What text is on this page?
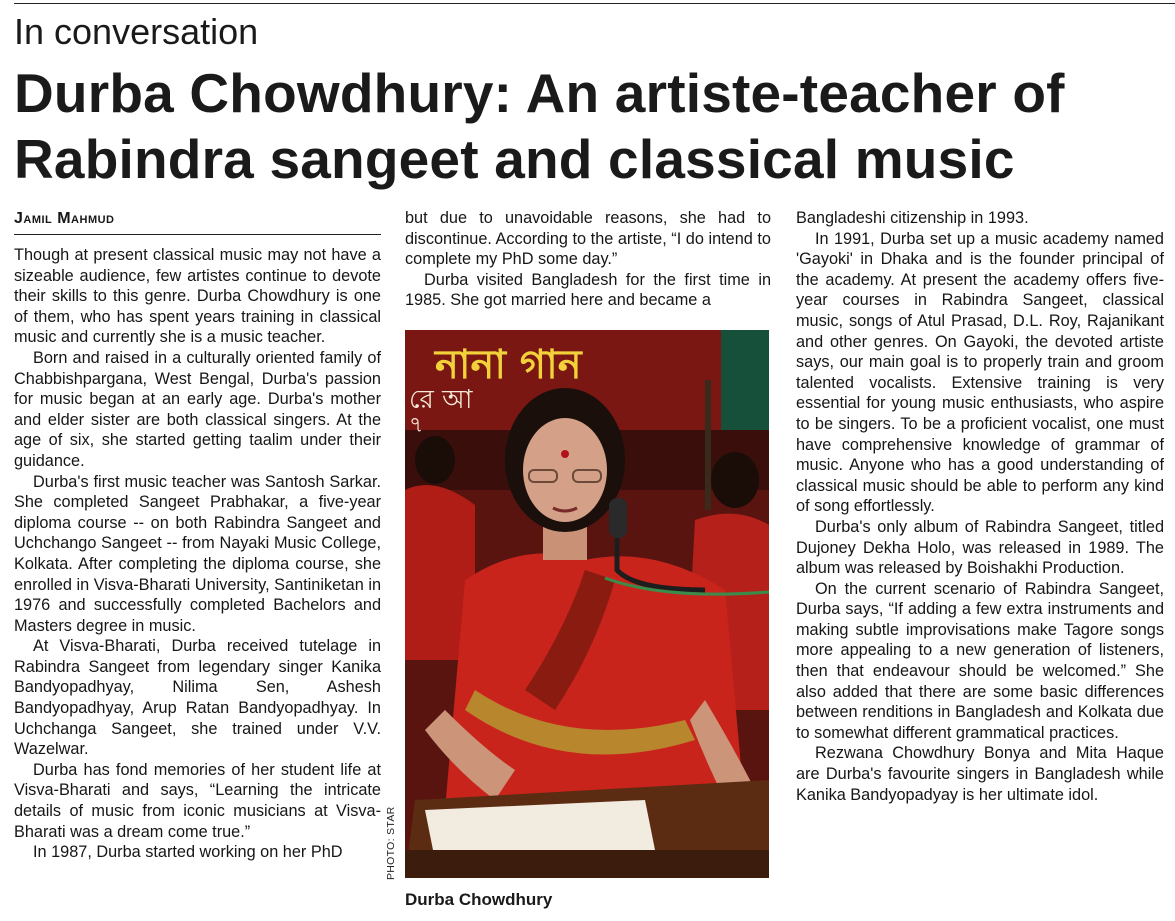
In conversation
Durba Chowdhury: An artiste-teacher of Rabindra sangeet and classical music
Jamil Mahmud

Though at present classical music may not have a sizeable audience, few artistes continue to devote their skills to this genre. Durba Chowdhury is one of them, who has spent years training in classical music and currently she is a music teacher.

Born and raised in a culturally oriented family of Chabbishpargana, West Bengal, Durba's passion for music began at an early age. Durba's mother and elder sister are both classical singers. At the age of six, she started getting taalim under their guidance.

Durba's first music teacher was Santosh Sarkar. She completed Sangeet Prabhakar, a five-year diploma course -- on both Rabindra Sangeet and Uchchango Sangeet -- from Nayaki Music College, Kolkata. After completing the diploma course, she enrolled in Visva-Bharati University, Santiniketan in 1976 and successfully completed Bachelors and Masters degree in music.

At Visva-Bharati, Durba received tutelage in Rabindra Sangeet from legendary singer Kanika Bandyopadhyay, Nilima Sen, Ashesh Bandyopadhyay, Arup Ratan Bandyopadhyay. In Uchchanga Sangeet, she trained under V.V. Wazelwar.

Durba has fond memories of her student life at Visva-Bharati and says, “Learning the intricate details of music from iconic musicians at Visva-Bharati was a dream come true.”

In 1987, Durba started working on her PhD

but due to unavoidable reasons, she had to discontinue. According to the artiste, “I do intend to complete my PhD some day.”

Durba visited Bangladesh for the first time in 1985. She got married here and became a

নানা গান
রে আ
৭
PHOTO: STAR
Durba Chowdhury

Bangladeshi citizenship in 1993.

In 1991, Durba set up a music academy named 'Gayoki' in Dhaka and is the founder principal of the academy. At present the academy offers five-year courses in Rabindra Sangeet, classical music, songs of Atul Prasad, D.L. Roy, Rajanikant and other genres. On Gayoki, the devoted artiste says, our main goal is to properly train and groom talented vocalists. Extensive training is very essential for young music enthusiasts, who aspire to be singers. To be a proficient vocalist, one must have comprehensive knowledge of grammar of music. Anyone who has a good understanding of classical music should be able to perform any kind of song effortlessly.

Durba's only album of Rabindra Sangeet, titled Dujoney Dekha Holo, was released in 1989. The album was released by Boishakhi Production.

On the current scenario of Rabindra Sangeet, Durba says, “If adding a few extra instruments and making subtle improvisations make Tagore songs more appealing to a new generation of listeners, then that endeavour should be welcomed.” She also added that there are some basic differences between renditions in Bangladesh and Kolkata due to somewhat different grammatical practices.

Rezwana Chowdhury Bonya and Mita Haque are Durba's favourite singers in Bangladesh while Kanika Bandyopadyay is her ultimate idol.
